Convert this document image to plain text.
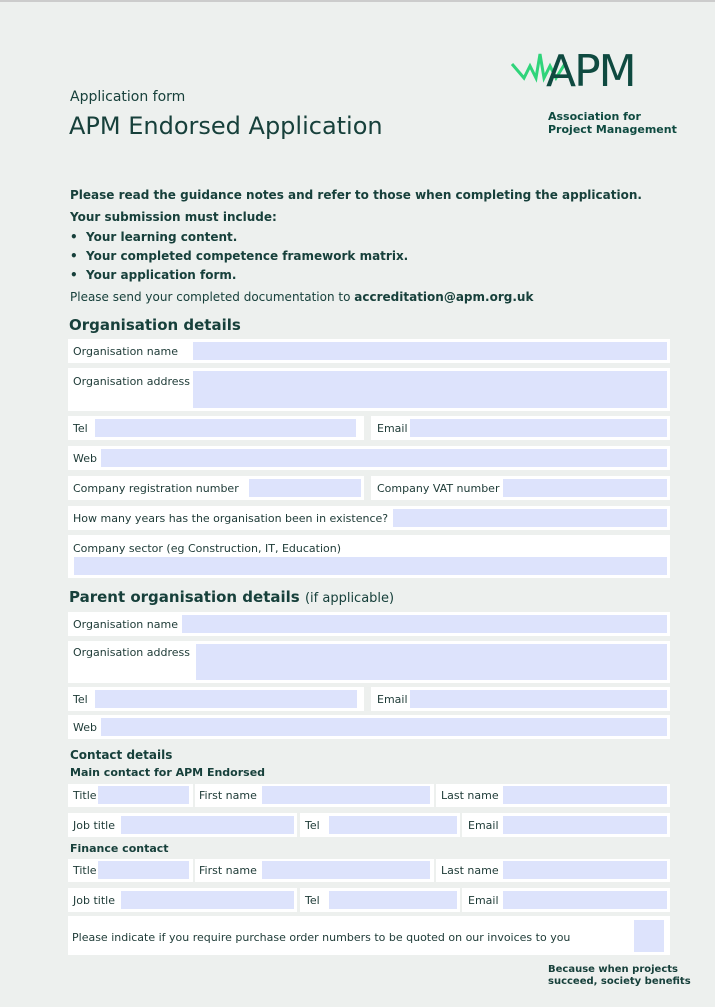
Application form
APM Endorsed Application
APM
Association for
Project Management
Please read the guidance notes and refer to those when completing the application.
Your submission must include:
•  Your learning content.
•  Your completed competence framework matrix.
•  Your application form.
Please send your completed documentation to accreditation@apm.org.uk
Organisation details
Organisation name
Organisation address
Tel	Email
Web
Company registration number	Company VAT number
How many years has the organisation been in existence?
Company sector (eg Construction, IT, Education)
Parent organisation details (if applicable)
Organisation name
Organisation address
Tel	Email
Web
Contact details
Main contact for APM Endorsed
Title	First name	Last name
Job title	Tel	Email
Finance contact
Title	First name	Last name
Job title	Tel	Email
Please indicate if you require purchase order numbers to be quoted on our invoices to you
Because when projects
succeed, society benefits
